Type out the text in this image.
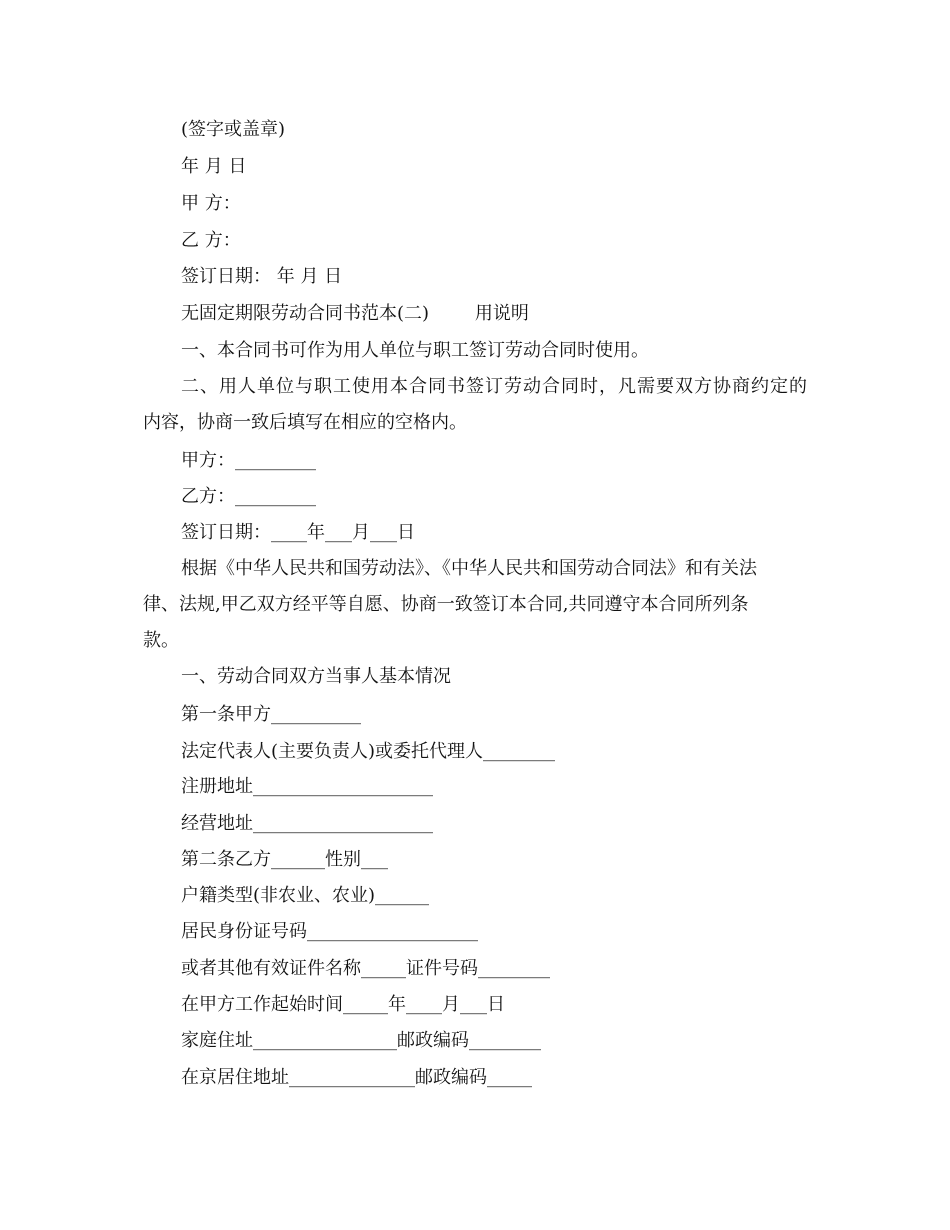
(签字或盖章)
年 月 日
甲 方：
乙 方：
签订日期： 年 月 日
无固定期限劳动合同书范本(二)        用说明
一、本合同书可作为用人单位与职工签订劳动合同时使用。
二、用人单位与职工使用本合同书签订劳动合同时，凡需要双方协商约定的
内容，协商一致后填写在相应的空格内。
甲方：_________
乙方：_________
签订日期：____年___月___日
根据《中华人民共和国劳动法》、《中华人民共和国劳动合同法》和有关法
律、法规,甲乙双方经平等自愿、协商一致签订本合同,共同遵守本合同所列条
款。
一、劳动合同双方当事人基本情况
第一条甲方__________
法定代表人(主要负责人)或委托代理人________
注册地址____________________
经营地址____________________
第二条乙方______性别___
户籍类型(非农业、农业)______
居民身份证号码___________________
或者其他有效证件名称_____证件号码________
在甲方工作起始时间_____年____月___日
家庭住址________________邮政编码________
在京居住地址______________邮政编码_____
